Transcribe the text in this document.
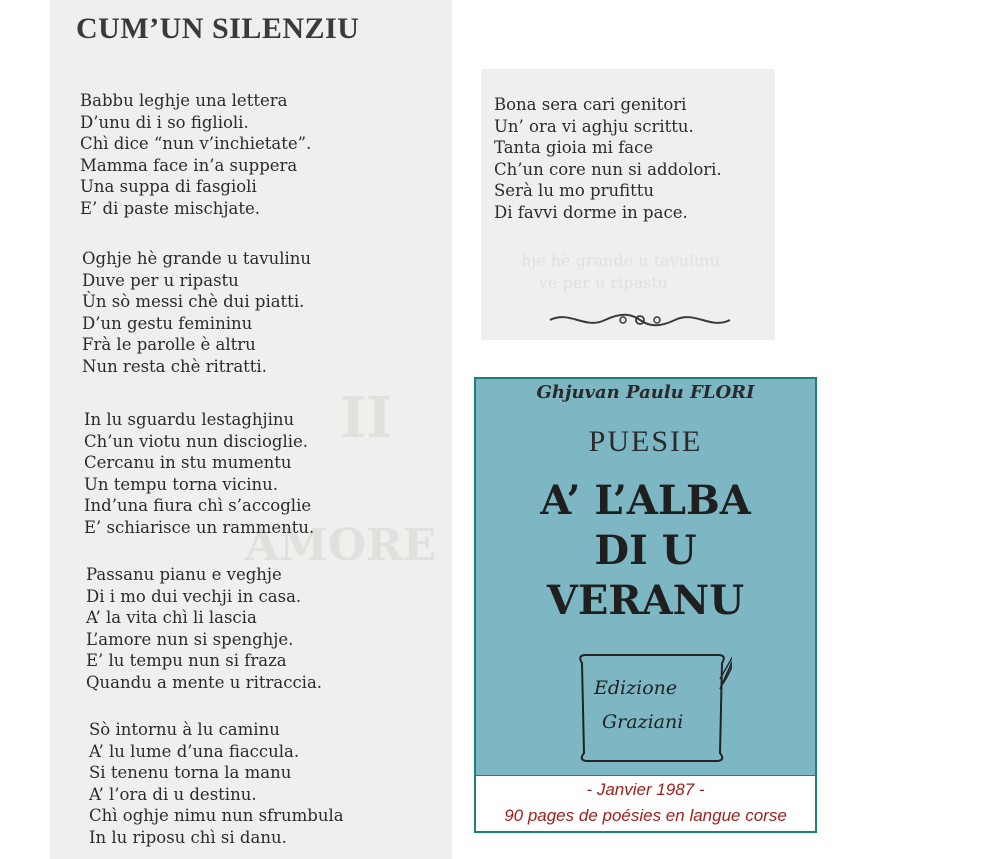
II
AMORE
CUM’UN SILENZIU
Babbu leghje una lettera
D’unu di i so figlioli.
Chì dice “nun v’inchietate”.
Mamma face in’a suppera
Una suppa di fasgioli
E’ di paste mischjate.
Oghje hè grande u tavulinu
Duve per u ripastu
Ùn sò messi chè dui piatti.
D’un gestu femininu
Frà le parolle è altru
Nun resta chè ritratti.
In lu sguardu lestaghjinu
Ch’un viotu nun discioglie.
Cercanu in stu mumentu
Un tempu torna vicinu.
Ind’una fiura chì s’accoglie
E’ schiarisce un rammentu.
Passanu pianu e veghje
Di i mo dui vechji in casa.
A’ la vita chì li lascia
L’amore nun si spenghje.
E’ lu tempu nun si fraza
Quandu a mente u ritraccia.
Sò intornu à lu caminu
A’ lu lume d’una fiaccula.
Si tenenu torna la manu
A’ l’ora di u destinu.
Chì oghje nimu nun sfrumbula
In lu riposu chì si danu.
hje hè grande u tavulinu
ve per u ripastu
Bona sera cari genitori
Un’ ora vi aghju scrittu.
Tanta gioia mi face
Ch’un core nun si addolori.
Serà lu mo prufittu
Di favvi dorme in pace.
Ghjuvan Paulu FLORI
PUESIE
A’ L’ALBA
DI U
VERANU
Edizione
Graziani
- Janvier 1987 -
90 pages de poésies en langue corse
